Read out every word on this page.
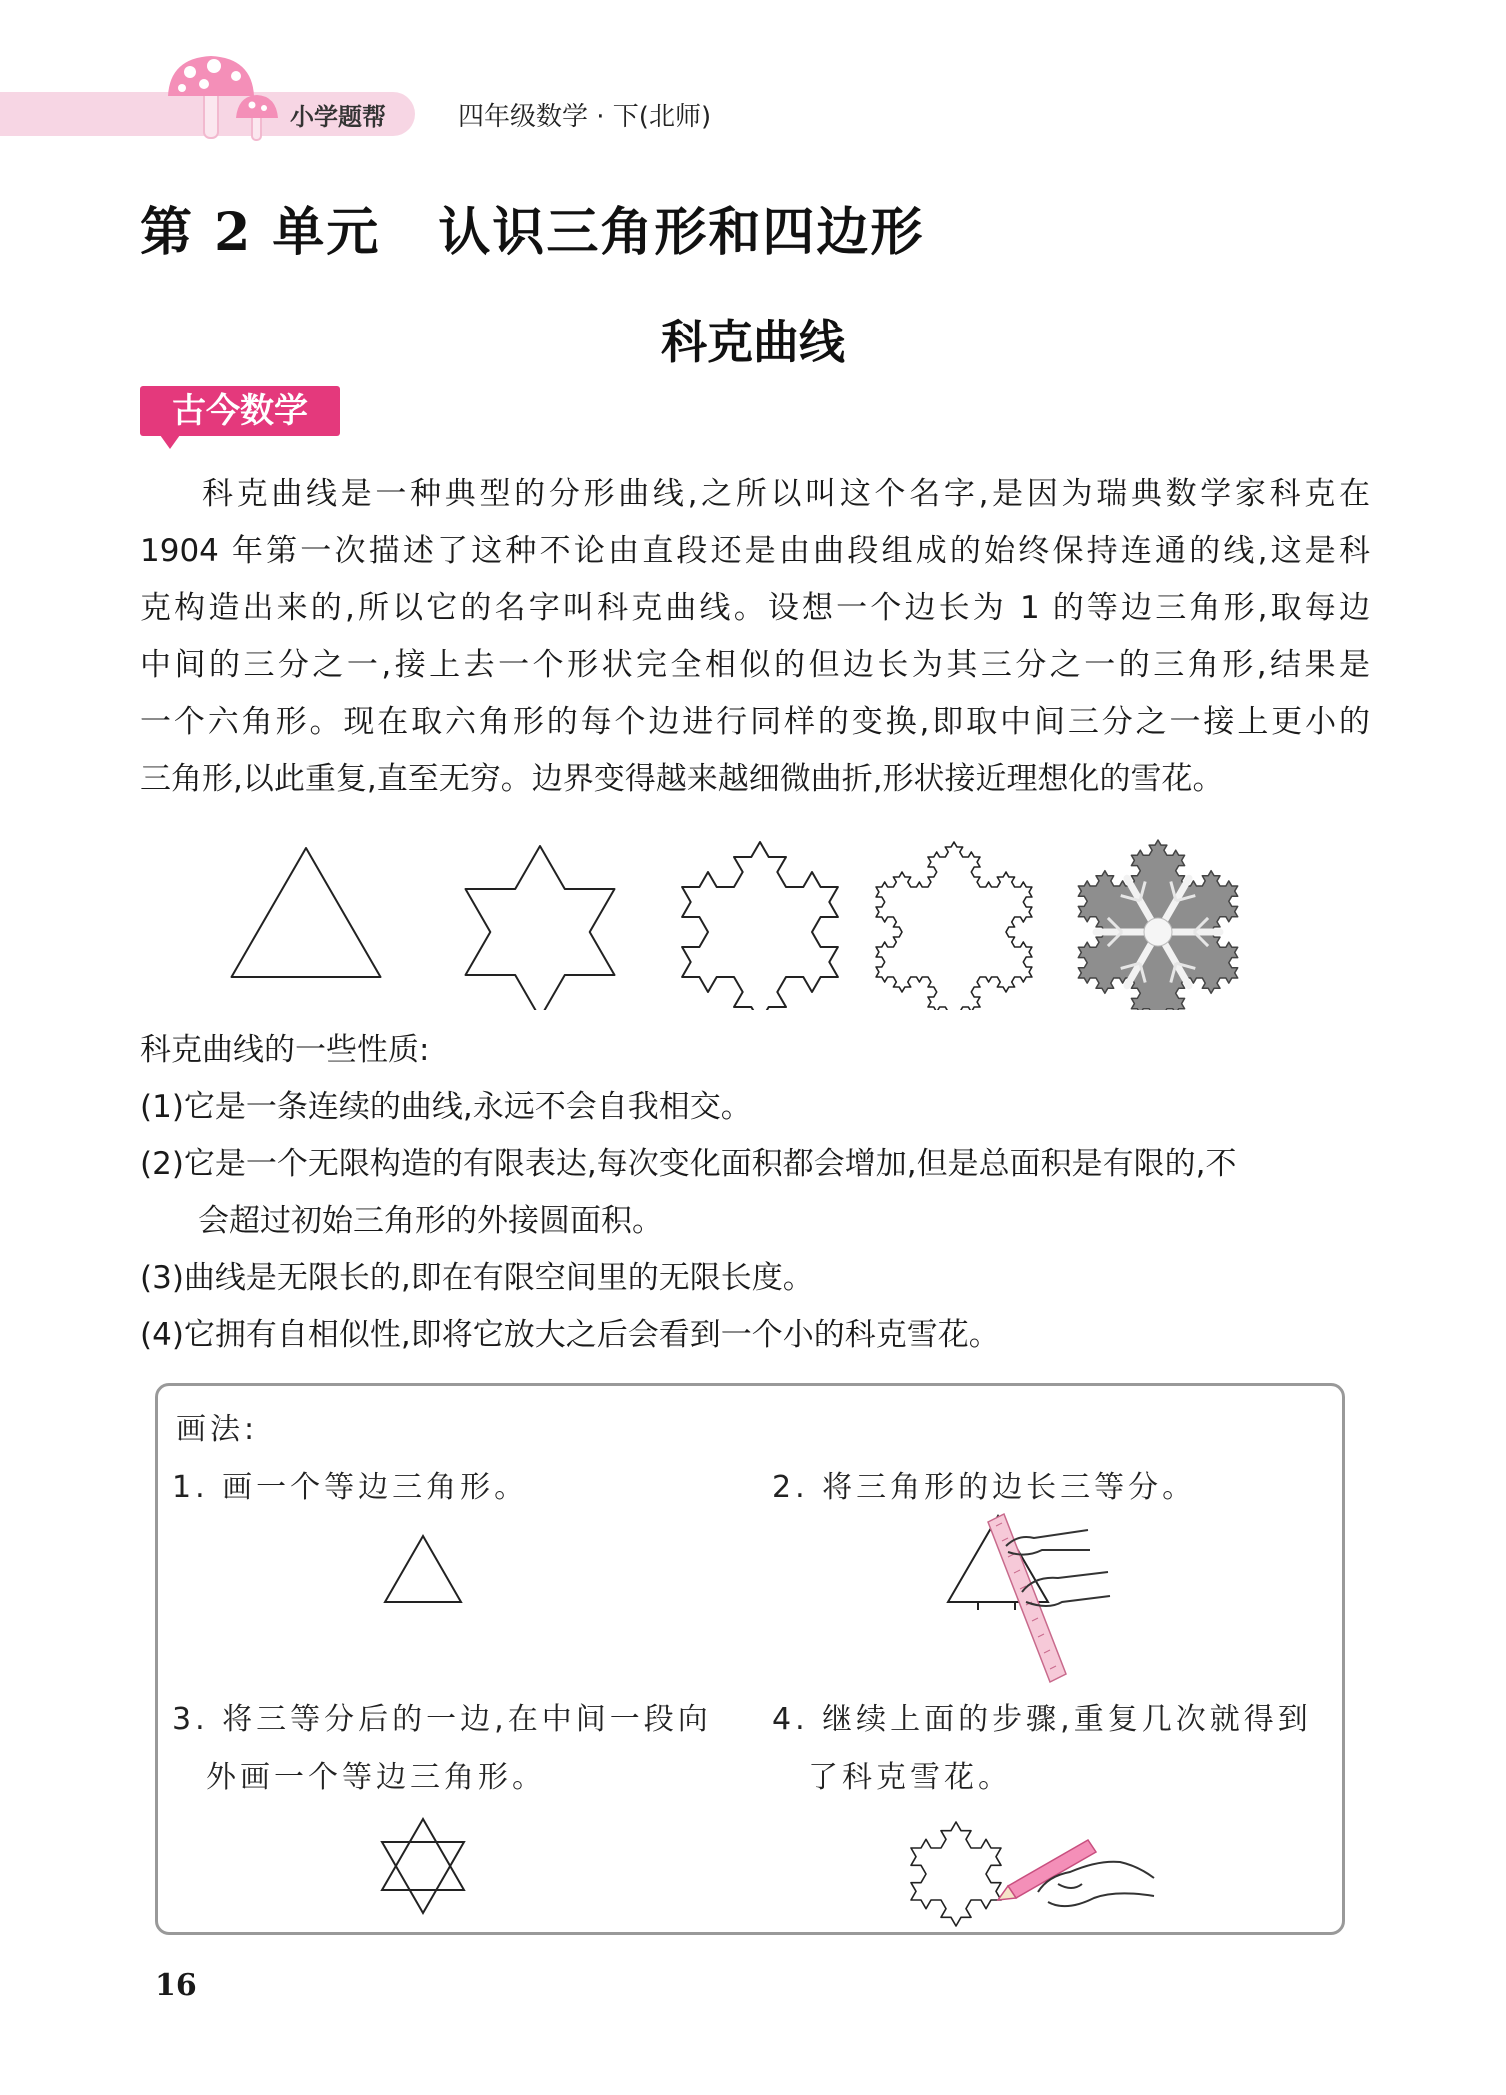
小学题帮	四年级数学 · 下(北师)
第 2 单元 认识三角形和四边形
科克曲线
古今数学

科克曲线是一种典型的分形曲线,之所以叫这个名字,是因为瑞典数学家科克在

1904 年第一次描述了这种不论由直段还是由曲段组成的始终保持连通的线,这是科

克构造出来的,所以它的名字叫科克曲线。设想一个边长为 1 的等边三角形,取每边

中间的三分之一,接上去一个形状完全相似的但边长为其三分之一的三角形,结果是

一个六角形。现在取六角形的每个边进行同样的变换,即取中间三分之一接上更小的

三角形,以此重复,直至无穷。边界变得越来越细微曲折,形状接近理想化的雪花。

科克曲线的一些性质:
(1)它是一条连续的曲线,永远不会自我相交。
(2)它是一个无限构造的有限表达,每次变化面积都会增加,但是总面积是有限的,不
会超过初始三角形的外接圆面积。
(3)曲线是无限长的,即在有限空间里的无限长度。
(4)它拥有自相似性,即将它放大之后会看到一个小的科克雪花。
画法:
1. 画一个等边三角形。	2. 将三角形的边长三等分。
3. 将三等分后的一边,在中间一段向
外画一个等边三角形。
4. 继续上面的步骤,重复几次就得到
了科克雪花。
16
